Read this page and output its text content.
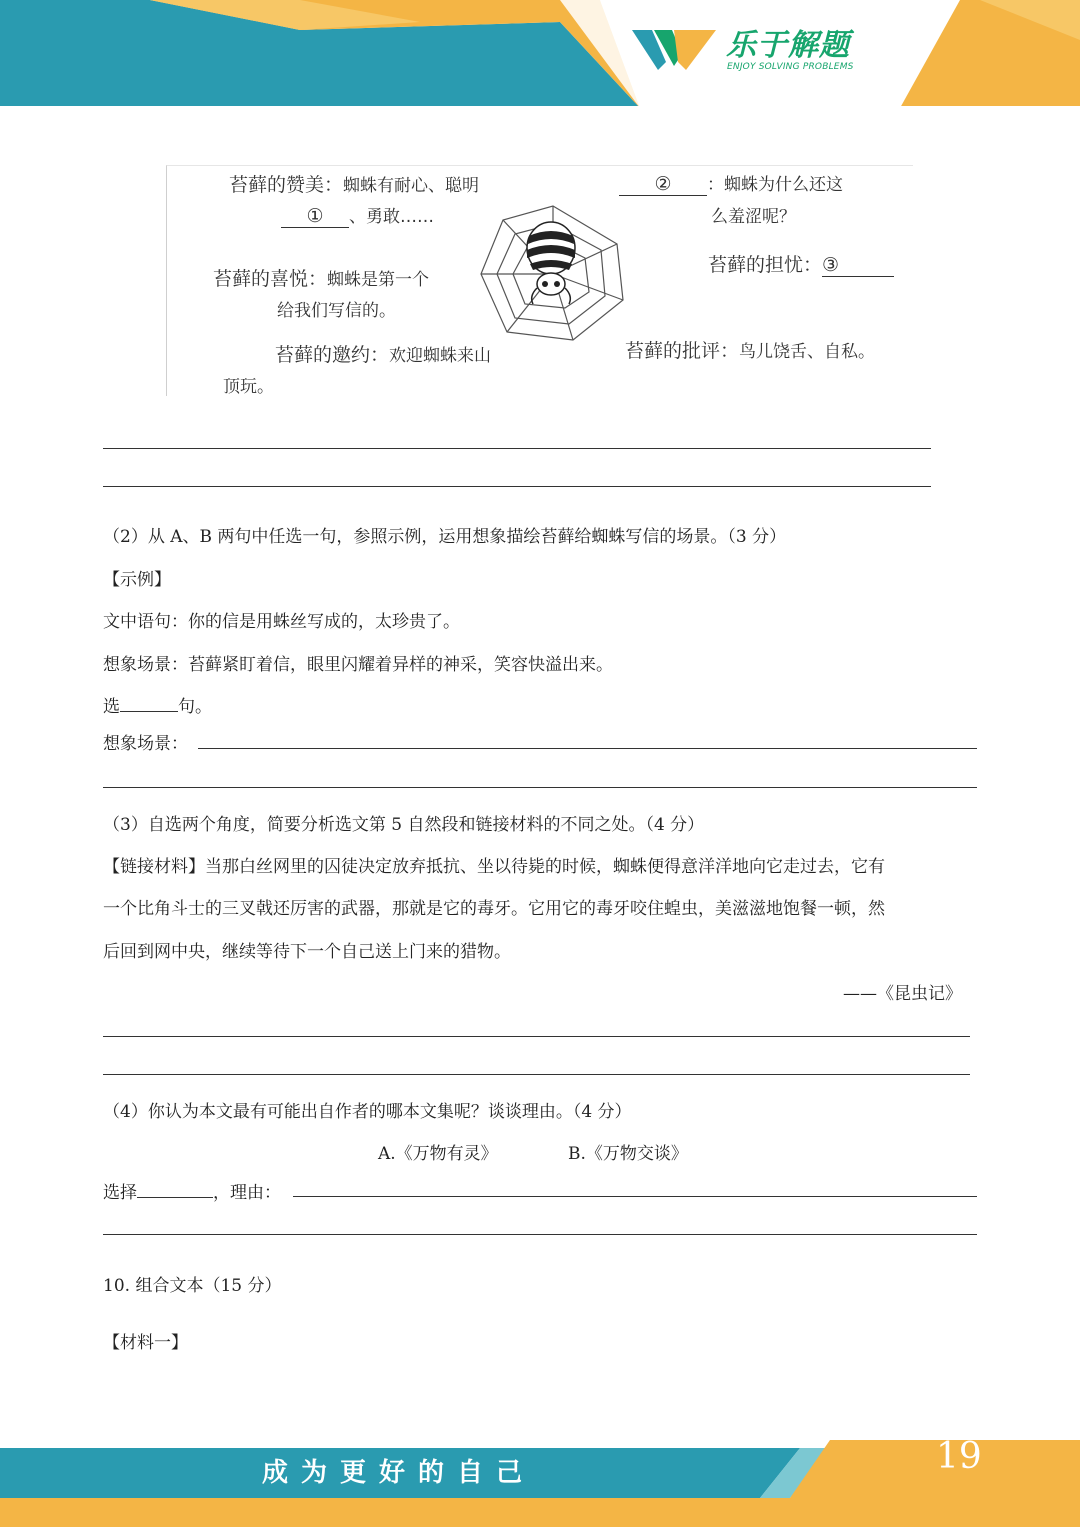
乐于解题
ENJOY SOLVING PROBLEMS
苔藓的赞美：蜘蛛有耐心、聪明
① 、勇敢……
② ：蜘蛛为什么还这
么羞涩呢？
苔藓的喜悦：蜘蛛是第一个
给我们写信的。
苔藓的担忧：③
苔藓的邀约：欢迎蜘蛛来山
顶玩。
苔藓的批评：鸟儿饶舌、自私。
（2）从 A、B 两句中任选一句，参照示例，运用想象描绘苔藓给蜘蛛写信的场景。（3 分）
【示例】
文中语句：你的信是用蛛丝写成的，太珍贵了。
想象场景：苔藓紧盯着信，眼里闪耀着异样的神采，笑容快溢出来。
选	句。
想象场景：
（3）自选两个角度，简要分析选文第 5 自然段和链接材料的不同之处。（4 分）
【链接材料】当那白丝网里的囚徒决定放弃抵抗、坐以待毙的时候，蜘蛛便得意洋洋地向它走过去，它有
一个比角斗士的三叉戟还厉害的武器，那就是它的毒牙。它用它的毒牙咬住蝗虫，美滋滋地饱餐一顿，然
后回到网中央，继续等待下一个自己送上门来的猎物。
——《昆虫记》
（4）你认为本文最有可能出自作者的哪本文集呢？谈谈理由。（4 分）
A.《万物有灵》	B.《万物交谈》
选择	，理由：
10. 组合文本（15 分）
【材料一】
成为更好的自己	19
